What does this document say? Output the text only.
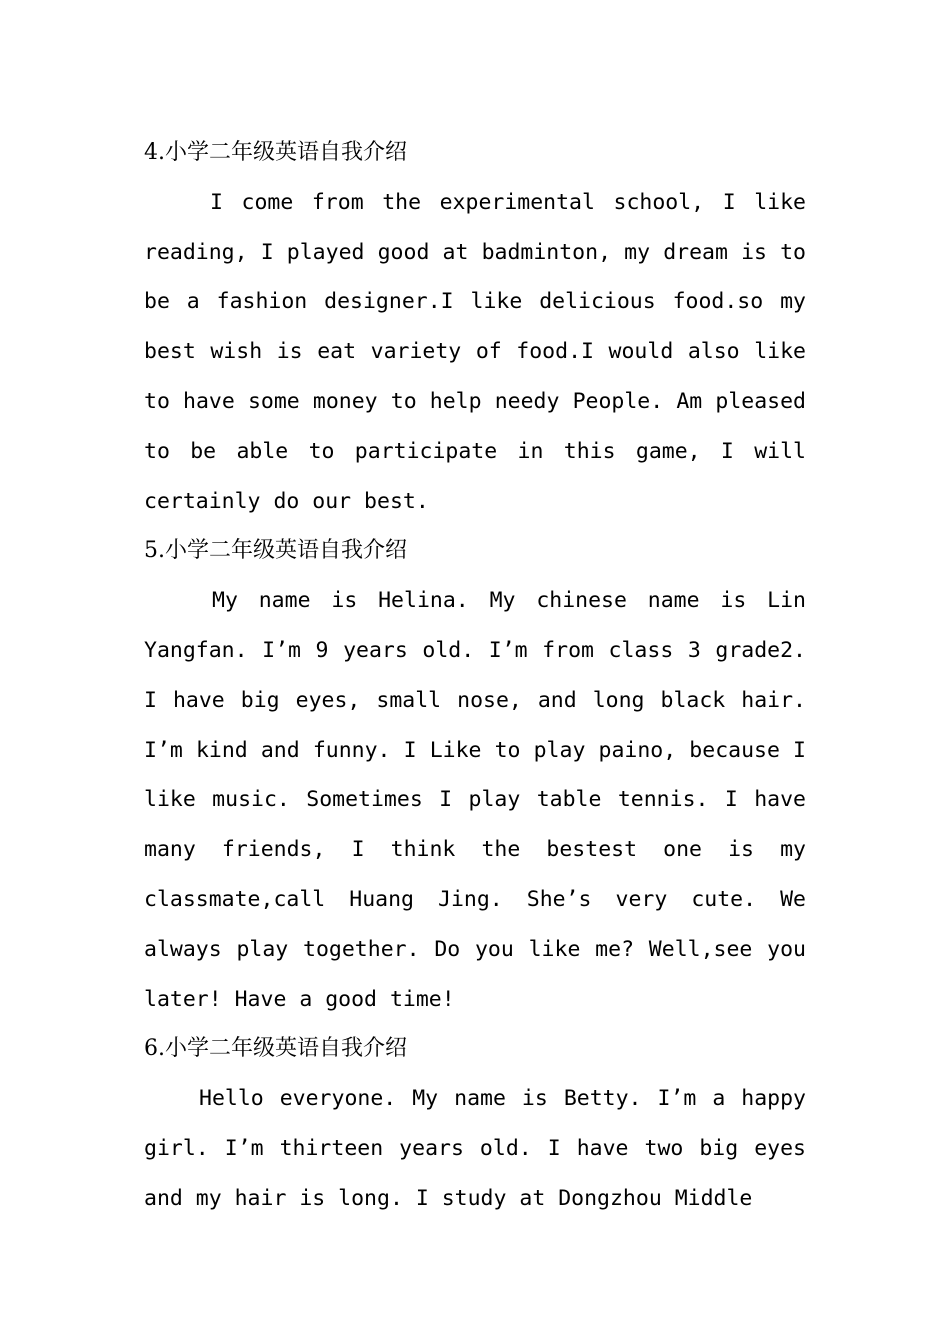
4.小学二年级英语自我介绍

I come from the experimental school, I like reading, I played good at badminton, my dream is to be a fashion designer.I like delicious food.so my best wish is eat variety of food.I would also like to have some money to help needy People. Am pleased to be able to participate in this game, I will certainly do our best.

5.小学二年级英语自我介绍

My name is Helina. My chinese name is Lin Yangfan. I’m 9 years old. I’m from class 3 grade2. I have big eyes, small nose, and long black hair. I’m kind and funny. I Like to play paino, because I like music. Sometimes I play table tennis. I have many friends, I think the bestest one is my classmate,call Huang Jing. She’s very cute. We always play together. Do you like me? Well,see you later! Have a good time!

6.小学二年级英语自我介绍

Hello everyone. My name is Betty. I’m a happy girl. I’m thirteen years old. I have two big eyes and my hair is long. I study at Dongzhou Middle
